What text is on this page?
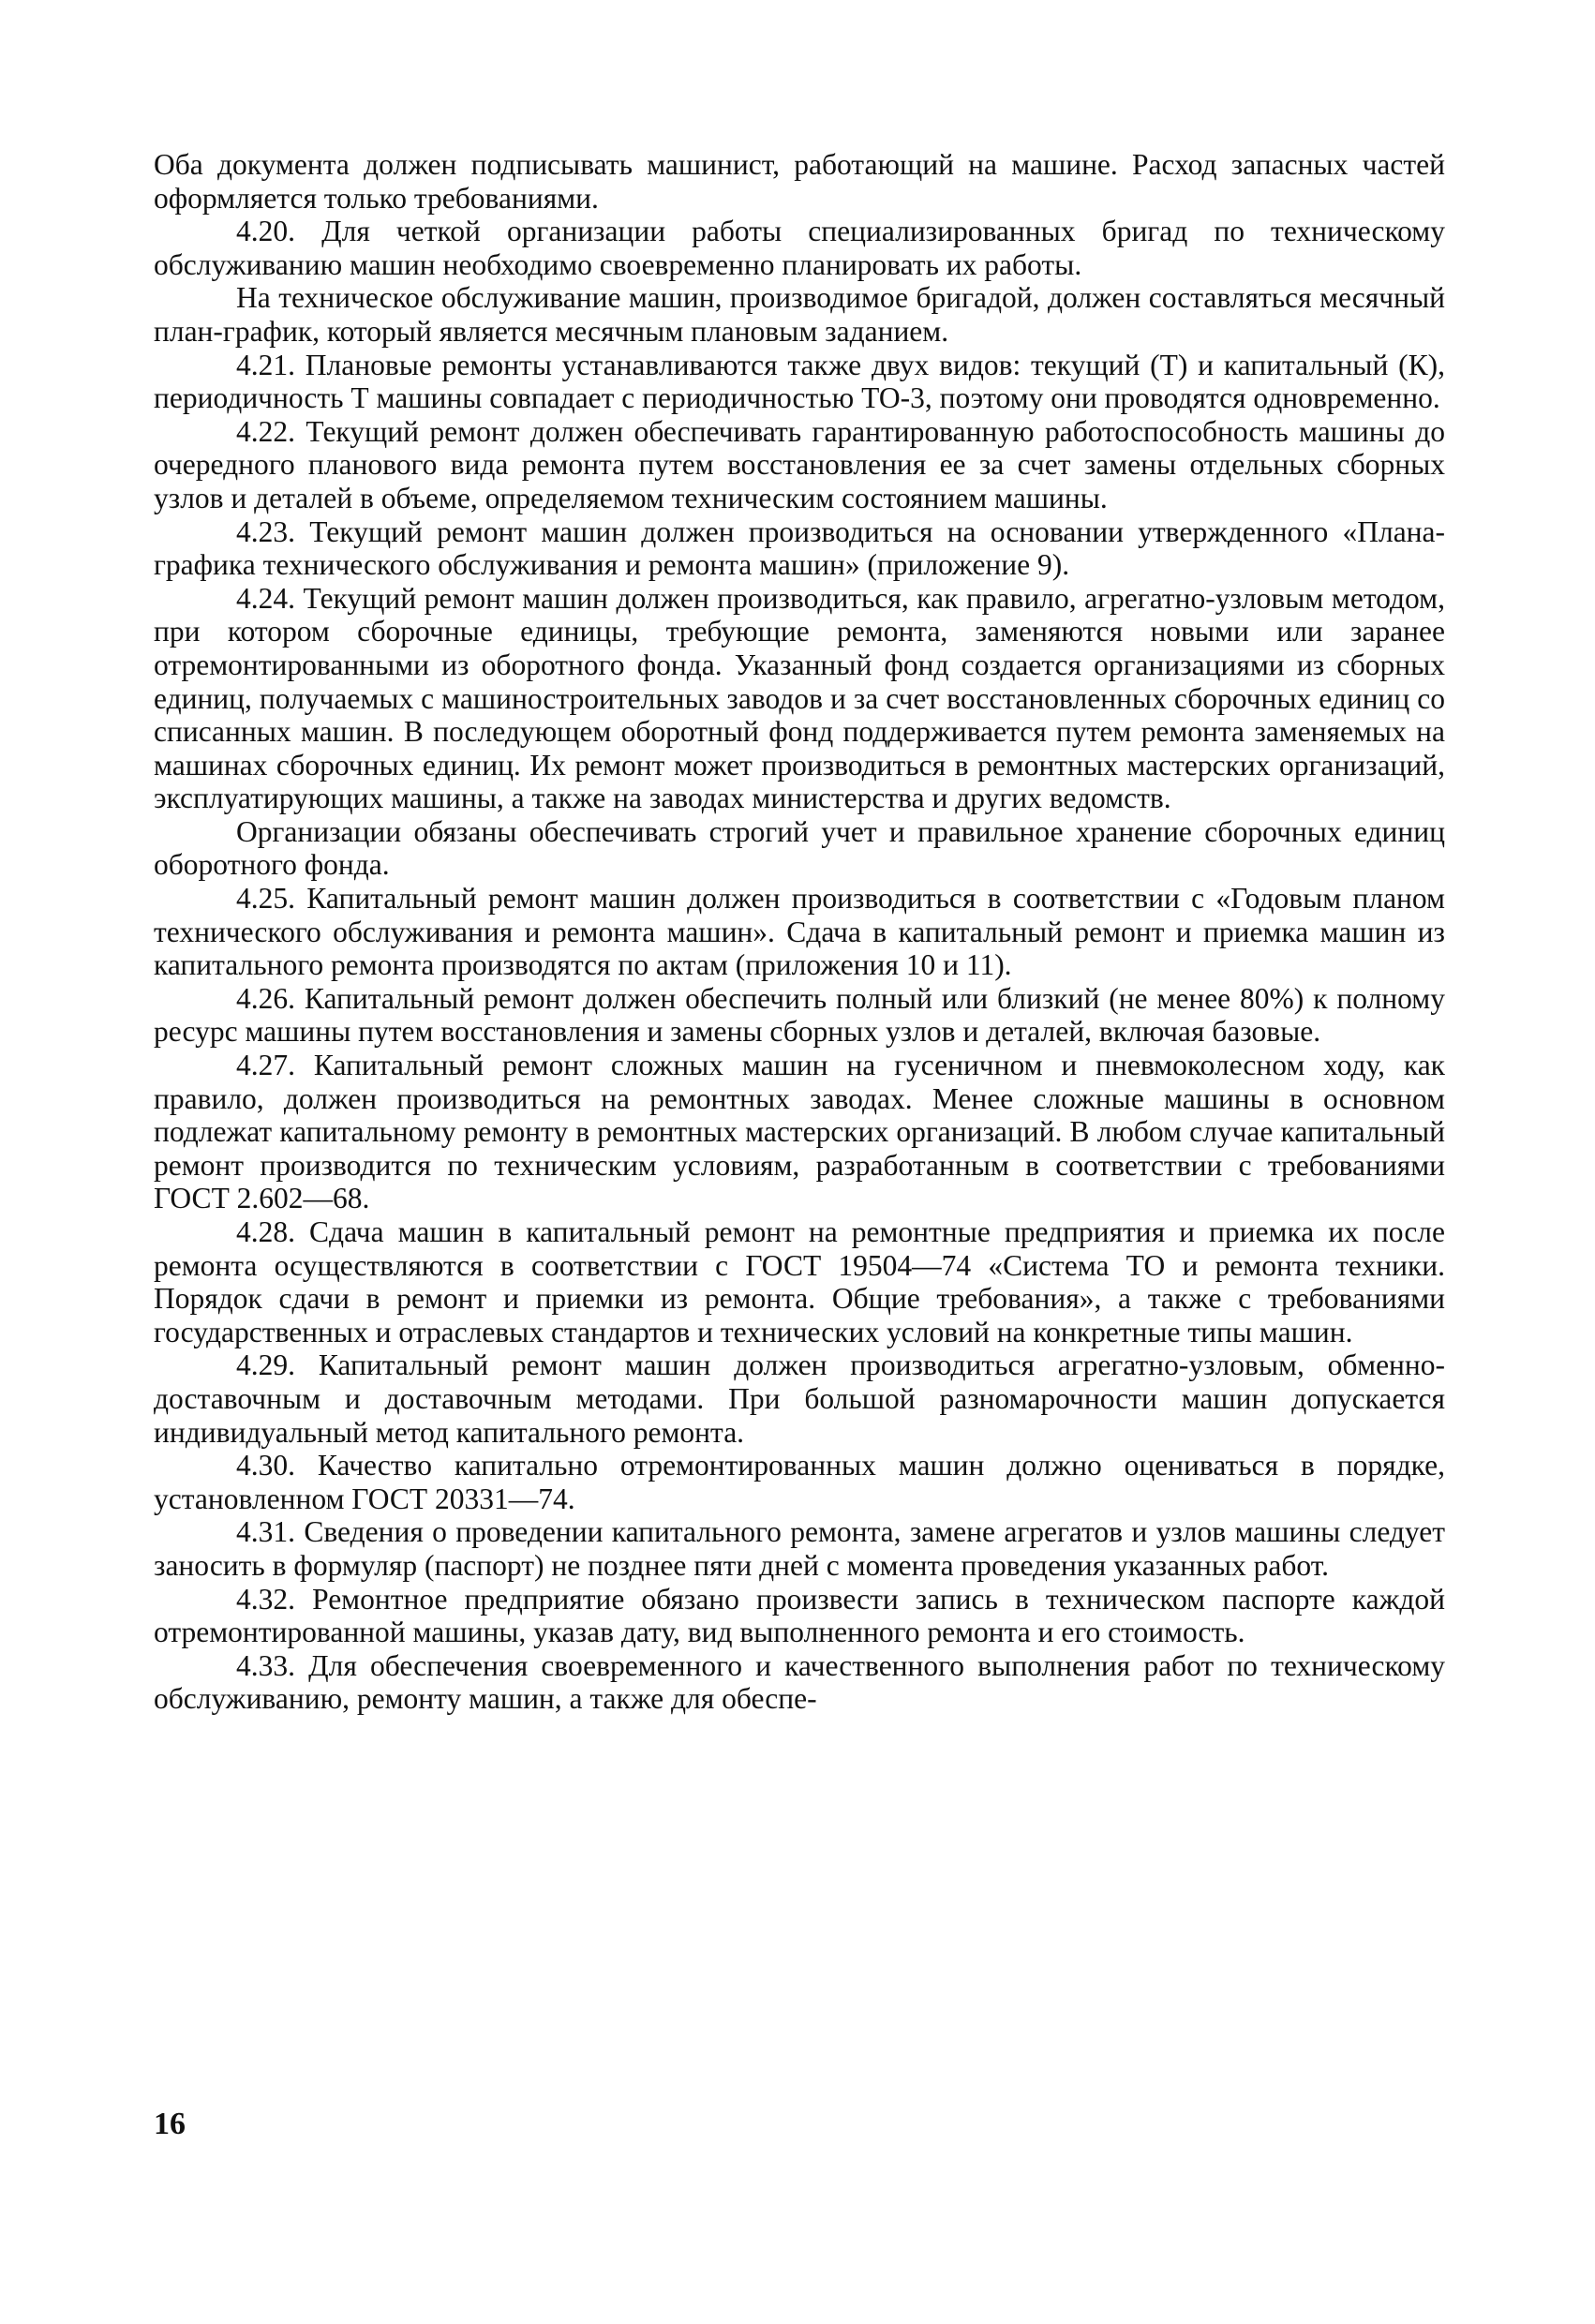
Оба документа должен подписывать машинист, работающий на машине. Расход запасных частей оформляется только требованиями.

4.20. Для четкой организации работы специализированных бригад по техническому обслуживанию машин необходимо своевременно планировать их работы.

На техническое обслуживание машин, производимое бригадой, должен составляться месячный план-график, который является месячным плановым заданием.

4.21. Плановые ремонты устанавливаются также двух видов: текущий (Т) и капитальный (К), периодичность Т машины совпадает с периодичностью ТО-3, поэтому они проводятся одновременно.

4.22. Текущий ремонт должен обеспечивать гарантированную работоспособность машины до очередного планового вида ремонта путем восстановления ее за счет замены отдельных сборных узлов и деталей в объеме, определяемом техническим состоянием машины.

4.23. Текущий ремонт машин должен производиться на основании утвержденного «Плана-графика технического обслуживания и ремонта машин» (приложение 9).

4.24. Текущий ремонт машин должен производиться, как правило, агрегатно-узловым методом, при котором сборочные единицы, требующие ремонта, заменяются новыми или заранее отремонтированными из оборотного фонда. Указанный фонд создается организациями из сборных единиц, получаемых с машиностроительных заводов и за счет восстановленных сборочных единиц со списанных машин. В последующем оборотный фонд поддерживается путем ремонта заменяемых на машинах сборочных единиц. Их ремонт может производиться в ремонтных мастерских организаций, эксплуатирующих машины, а также на заводах министерства и других ведомств.

Организации обязаны обеспечивать строгий учет и правильное хранение сборочных единиц оборотного фонда.

4.25. Капитальный ремонт машин должен производиться в соответствии с «Годовым планом технического обслуживания и ремонта машин». Сдача в капитальный ремонт и приемка машин из капитального ремонта производятся по актам (приложения 10 и 11).

4.26. Капитальный ремонт должен обеспечить полный или близкий (не менее 80%) к полному ресурс машины путем восстановления и замены сборных узлов и деталей, включая базовые.

4.27. Капитальный ремонт сложных машин на гусеничном и пневмоколесном ходу, как правило, должен производиться на ремонтных заводах. Менее сложные машины в основном подлежат капитальному ремонту в ремонтных мастерских организаций. В любом случае капитальный ремонт производится по техническим условиям, разработанным в соответствии с требованиями ГОСТ 2.602—68.

4.28. Сдача машин в капитальный ремонт на ремонтные предприятия и приемка их после ремонта осуществляются в соответствии с ГОСТ 19504—74 «Система ТО и ремонта техники. Порядок сдачи в ремонт и приемки из ремонта. Общие требования», а также с требованиями государственных и отраслевых стандартов и технических условий на конкретные типы машин.

4.29. Капитальный ремонт машин должен производиться агрегатно-узловым, обменно-доставочным и доставочным методами. При большой разномарочности машин допускается индивидуальный метод капитального ремонта.

4.30. Качество капитально отремонтированных машин должно оцениваться в порядке, установленном ГОСТ 20331—74.

4.31. Сведения о проведении капитального ремонта, замене агрегатов и узлов машины следует заносить в формуляр (паспорт) не позднее пяти дней с момента проведения указанных работ.

4.32. Ремонтное предприятие обязано произвести запись в техническом паспорте каждой отремонтированной машины, указав дату, вид выполненного ремонта и его стоимость.

4.33. Для обеспечения своевременного и качественного выполнения работ по техническому обслуживанию, ремонту машин, а также для обеспе-

16
